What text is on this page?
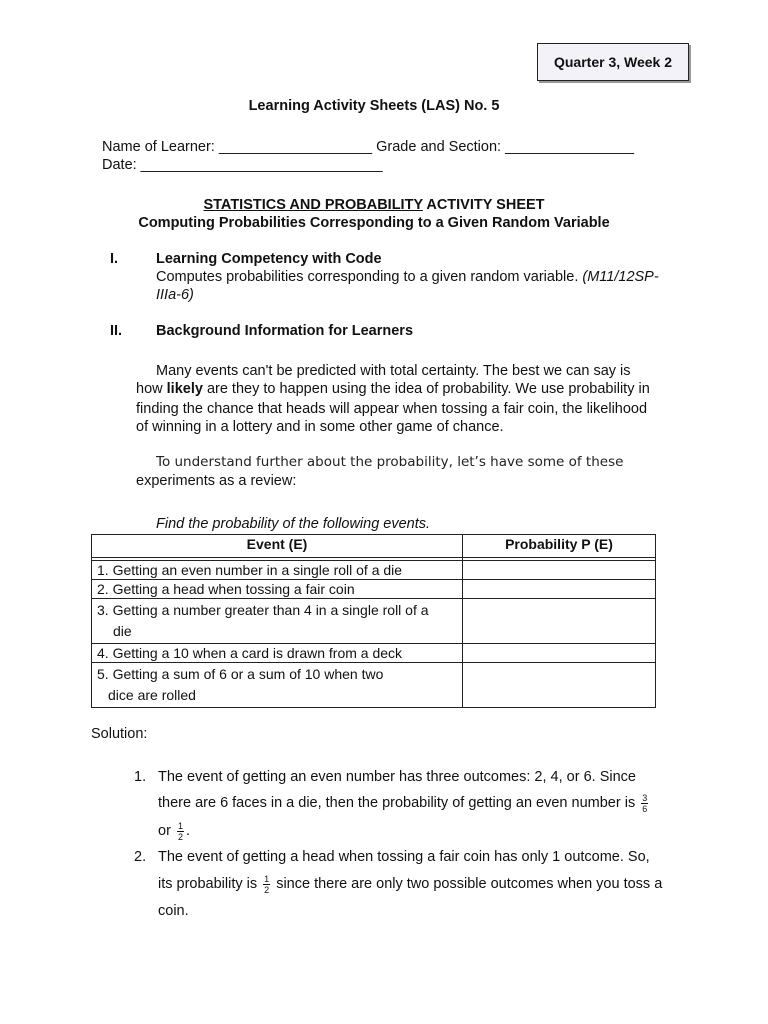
Quarter 3, Week 2
Learning Activity Sheets (LAS) No. 5
Name of Learner: ___________________ Grade and Section: ________________
Date: ______________________________
STATISTICS AND PROBABILITY ACTIVITY SHEET
Computing Probabilities Corresponding to a Given Random Variable
I.	Learning Competency with Code
Computes probabilities corresponding to a given random variable. (M11/12SP-
IIIa-6)
II. Background Information for Learners
Many events can't be predicted with total certainty. The best we can say is
how likely are they to happen using the idea of probability. We use probability in
finding the chance that heads will appear when tossing a fair coin, the likelihood
of winning in a lottery and in some other game of chance.
To understand further about the probability, let’s have some of these
experiments as a review:
Find the probability of the following events.
Event (E)	Probability P (E)

1. Getting an even number in a single roll of a die	
2. Getting a head when tossing a fair coin	
3. Getting a number greater than 4 in a single roll of a
die	
4. Getting a 10 when a card is drawn from a deck	
5. Getting a sum of 6 or a sum of 10 when two
dice are rolled	
Solution:
1. The event of getting an even number has three outcomes: 2, 4, or 6. Since
there are 6 faces in a die, then the probability of getting an even number is $\frac{3}{6}$
or $\frac{1}{2}$ .
2. The event of getting a head when tossing a fair coin has only 1 outcome. So,
its probability is $\frac{1}{2}$ since there are only two possible outcomes when you toss a
coin.
